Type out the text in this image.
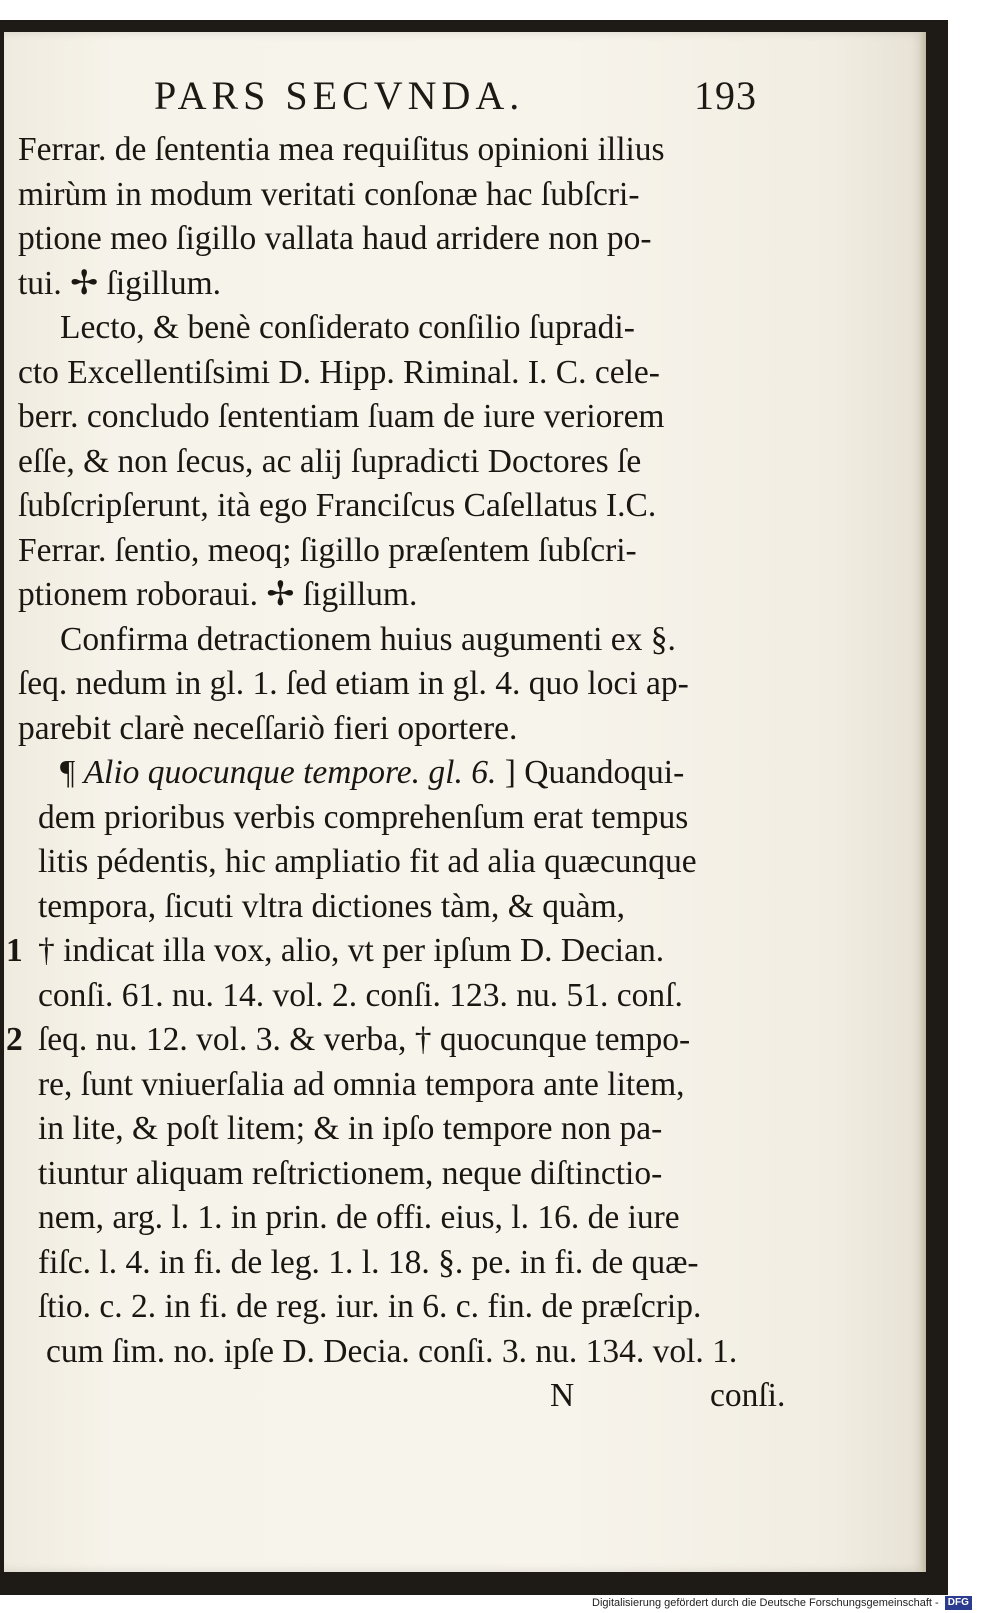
PARS SECVNDA.	193
Ferrar. de ſententia mea requiſitus opinioni illius
mirùm in modum veritati conſonæ hac ſubſcri-
ptione meo ſigillo vallata haud arridere non po-
tui. ✢ ſigillum.
Lecto, & benè conſiderato conſilio ſupradi-
cto Excellentiſsimi D. Hipp. Riminal. I. C. cele-
berr. concludo ſententiam ſuam de iure veriorem
eſſe, & non ſecus, ac alij ſupradicti Doctores ſe
ſubſcripſerunt, ità ego Franciſcus Caſellatus I.C.
Ferrar. ſentio, meoq; ſigillo præſentem ſubſcri-
ptionem roboraui. ✢ ſigillum.
Confirma detractionem huius augumenti ex §.
ſeq. nedum in gl. 1. ſed etiam in gl. 4. quo loci ap-
parebit clarè neceſſariò fieri oportere.
¶ Alio quocunque tempore. gl. 6. ] Quandoqui-
dem prioribus verbis comprehenſum erat tempus
litis pédentis, hic ampliatio fit ad alia quæcunque
tempora, ſicuti vltra dictiones tàm, & quàm,
1 † indicat illa vox, alio, vt per ipſum D. Decian.
conſi. 61. nu. 14. vol. 2. conſi. 123. nu. 51. conſ.
2 ſeq. nu. 12. vol. 3. & verba, † quocunque tempo-
re, ſunt vniuerſalia ad omnia tempora ante litem,
in lite, & poſt litem; & in ipſo tempore non pa-
tiuntur aliquam reſtrictionem, neque diſtinctio-
nem, arg. l. 1. in prin. de offi. eius, l. 16. de iure
fiſc. l. 4. in fi. de leg. 1. l. 18. §. pe. in fi. de quæ-
ſtio. c. 2. in fi. de reg. iur. in 6. c. fin. de præſcrip.
cum ſim. no. ipſe D. Decia. conſi. 3. nu. 134. vol. 1.
N	conſi.
Digitalisierung gefördert durch die Deutsche Forschungsgemeinschaft - DFG
